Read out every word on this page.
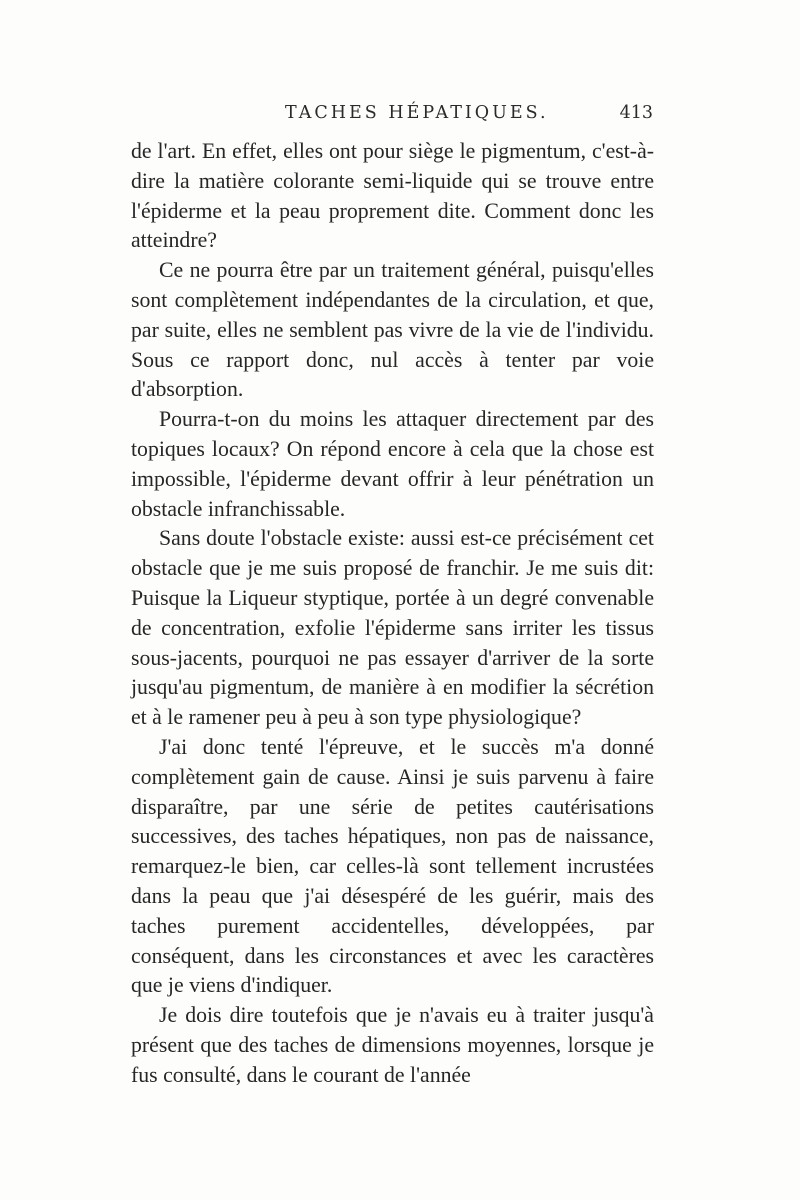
TACHES HÉPATIQUES.	413

de l'art. En effet, elles ont pour siège le pigmentum, c'est-à-dire la matière colorante semi-liquide qui se trouve entre l'épiderme et la peau proprement dite. Comment donc les atteindre?

Ce ne pourra être par un traitement général, puisqu'elles sont complètement indépendantes de la circulation, et que, par suite, elles ne semblent pas vivre de la vie de l'individu. Sous ce rapport donc, nul accès à tenter par voie d'absorption.

Pourra-t-on du moins les attaquer directement par des topiques locaux? On répond encore à cela que la chose est impossible, l'épiderme devant offrir à leur pénétration un obstacle infranchissable.

Sans doute l'obstacle existe: aussi est-ce précisément cet obstacle que je me suis proposé de franchir. Je me suis dit: Puisque la Liqueur styptique, portée à un degré convenable de concentration, exfolie l'épiderme sans irriter les tissus sous-jacents, pourquoi ne pas essayer d'arriver de la sorte jusqu'au pigmentum, de manière à en modifier la sécrétion et à le ramener peu à peu à son type physiologique?

J'ai donc tenté l'épreuve, et le succès m'a donné complètement gain de cause. Ainsi je suis parvenu à faire disparaître, par une série de petites cautérisations successives, des taches hépatiques, non pas de naissance, remarquez-le bien, car celles-là sont tellement incrustées dans la peau que j'ai désespéré de les guérir, mais des taches purement accidentelles, développées, par conséquent, dans les circonstances et avec les caractères que je viens d'indiquer.

Je dois dire toutefois que je n'avais eu à traiter jusqu'à présent que des taches de dimensions moyennes, lorsque je fus consulté, dans le courant de l'année
